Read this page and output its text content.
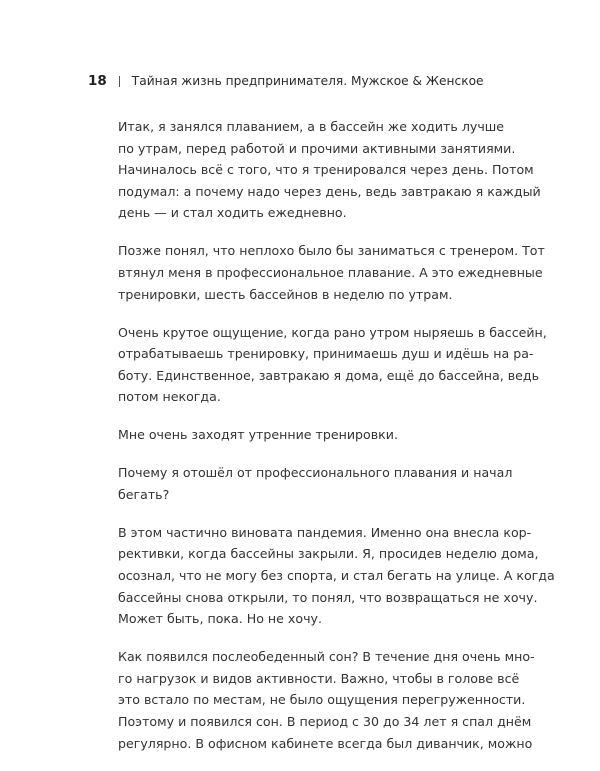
18 Тайная жизнь предпринимателя. Мужское & Женское

Итак, я занялся плаванием, а в бассейн же ходить лучше
по утрам, перед работой и прочими активными занятиями.
Начиналось всё с того, что я тренировался через день. Потом
подумал: а почему надо через день, ведь завтракаю я каждый
день — и стал ходить ежедневно.

Позже понял, что неплохо было бы заниматься с тренером. Тот
втянул меня в профессиональное плавание. А это ежедневные
тренировки, шесть бассейнов в неделю по утрам.

Очень крутое ощущение, когда рано утром ныряешь в бассейн,
отрабатываешь тренировку, принимаешь душ и идёшь на ра-
боту. Единственное, завтракаю я дома, ещё до бассейна, ведь
потом некогда.

Мне очень заходят утренние тренировки.

Почему я отошёл от профессионального плавания и начал
бегать?

В этом частично виновата пандемия. Именно она внесла кор-
рективки, когда бассейны закрыли. Я, просидев неделю дома,
осознал, что не могу без спорта, и стал бегать на улице. А когда
бассейны снова открыли, то понял, что возвращаться не хочу.
Может быть, пока. Но не хочу.

Как появился послеобеденный сон? В течение дня очень мно-
го нагрузок и видов активности. Важно, чтобы в голове всё
это встало по местам, не было ощущения перегруженности.
Поэтому и появился сон. В период с 30 до 34 лет я спал днём
регулярно. В офисном кабинете всегда был диванчик, можно
